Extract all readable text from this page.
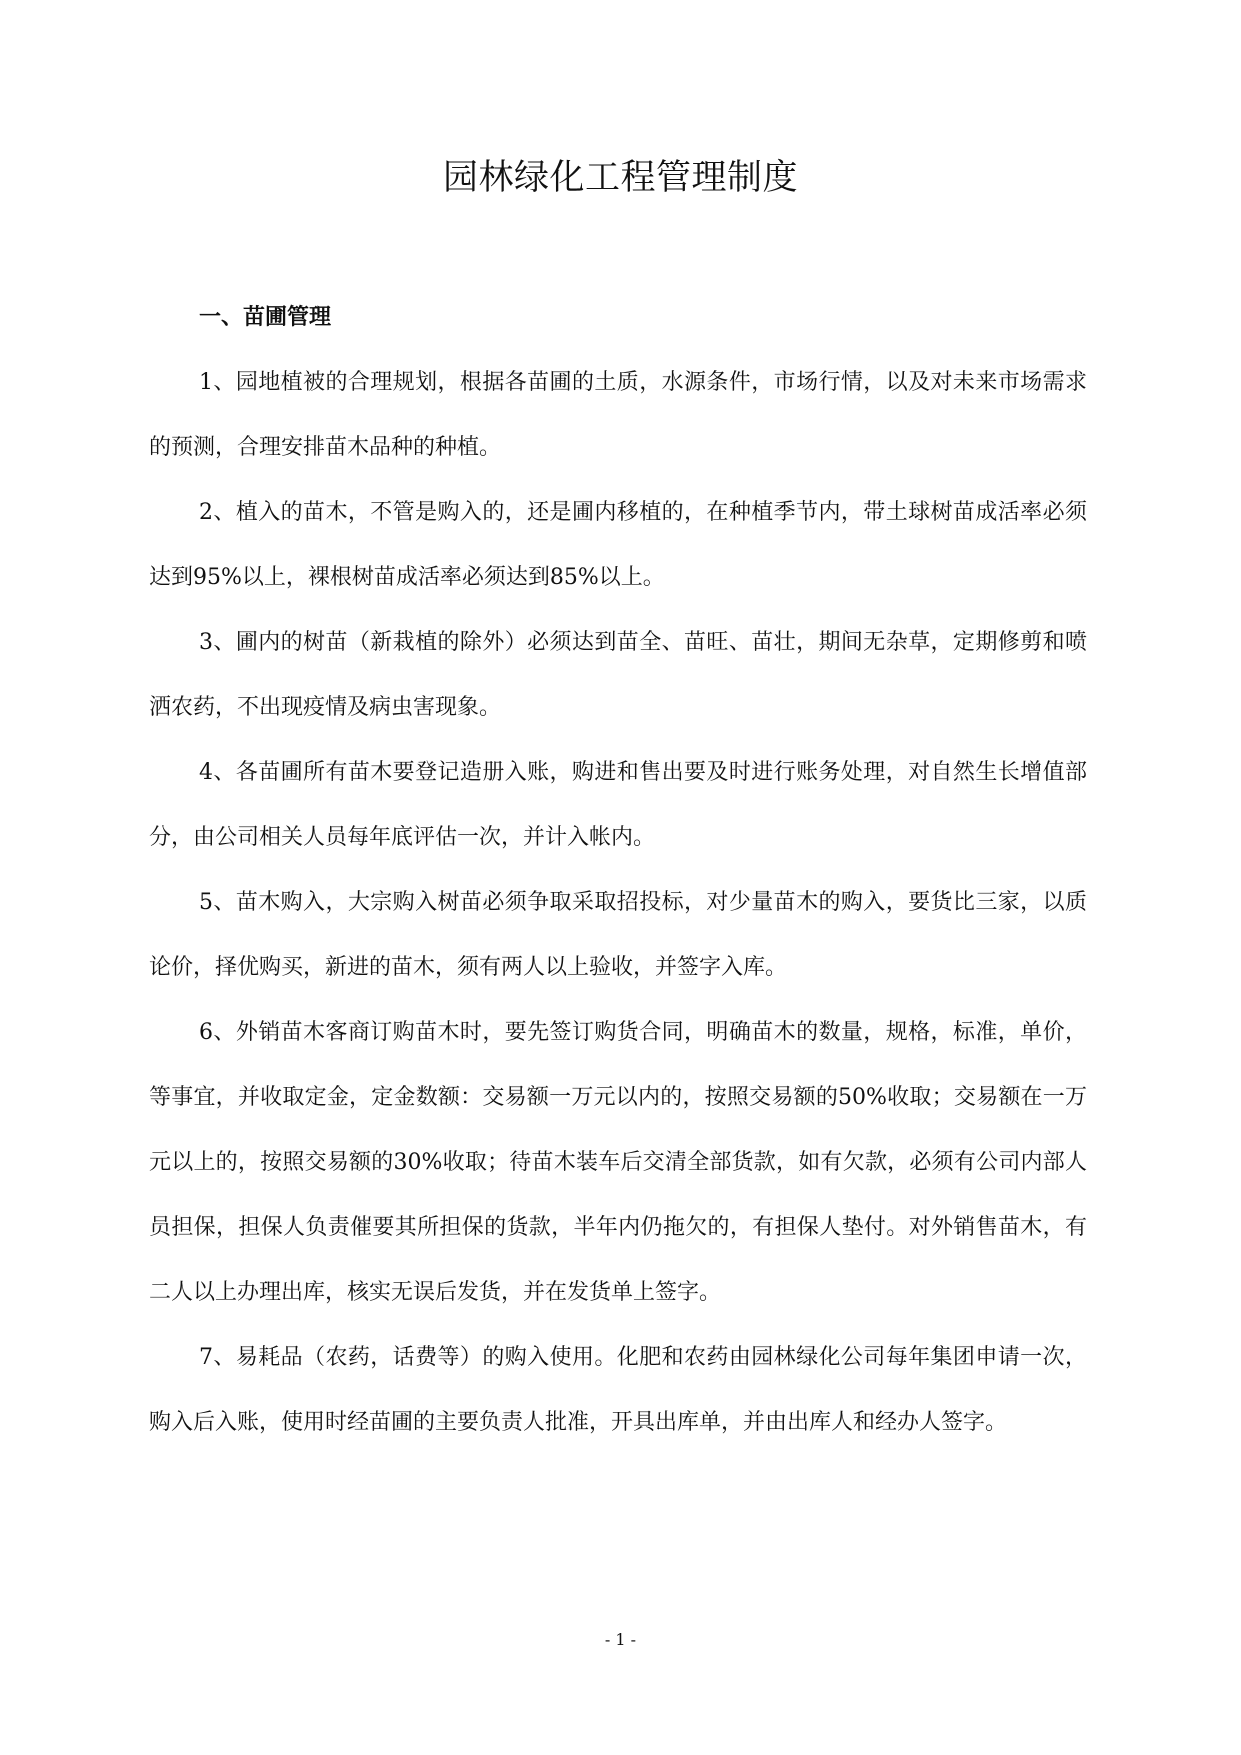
园林绿化工程管理制度
一、苗圃管理

1、园地植被的合理规划，根据各苗圃的土质，水源条件，市场行情，以及对未来市场需求的预测，合理安排苗木品种的种植。

2、植入的苗木，不管是购入的，还是圃内移植的，在种植季节内，带土球树苗成活率必须达到95%以上，裸根树苗成活率必须达到85%以上。

3、圃内的树苗（新栽植的除外）必须达到苗全、苗旺、苗壮，期间无杂草，定期修剪和喷洒农药，不出现疫情及病虫害现象。

4、各苗圃所有苗木要登记造册入账，购进和售出要及时进行账务处理，对自然生长增值部分，由公司相关人员每年底评估一次，并计入帐内。

5、苗木购入，大宗购入树苗必须争取采取招投标，对少量苗木的购入，要货比三家，以质论价，择优购买，新进的苗木，须有两人以上验收，并签字入库。

6、外销苗木客商订购苗木时，要先签订购货合同，明确苗木的数量，规格，标准，单价，等事宜，并收取定金，定金数额：交易额一万元以内的，按照交易额的50%收取；交易额在一万元以上的，按照交易额的30%收取；待苗木装车后交清全部货款，如有欠款，必须有公司内部人员担保，担保人负责催要其所担保的货款，半年内仍拖欠的，有担保人垫付。对外销售苗木，有二人以上办理出库，核实无误后发货，并在发货单上签字。

7、易耗品（农药，话费等）的购入使用。化肥和农药由园林绿化公司每年集团申请一次，购入后入账，使用时经苗圃的主要负责人批准，开具出库单，并由出库人和经办人签字。

- 1 -
